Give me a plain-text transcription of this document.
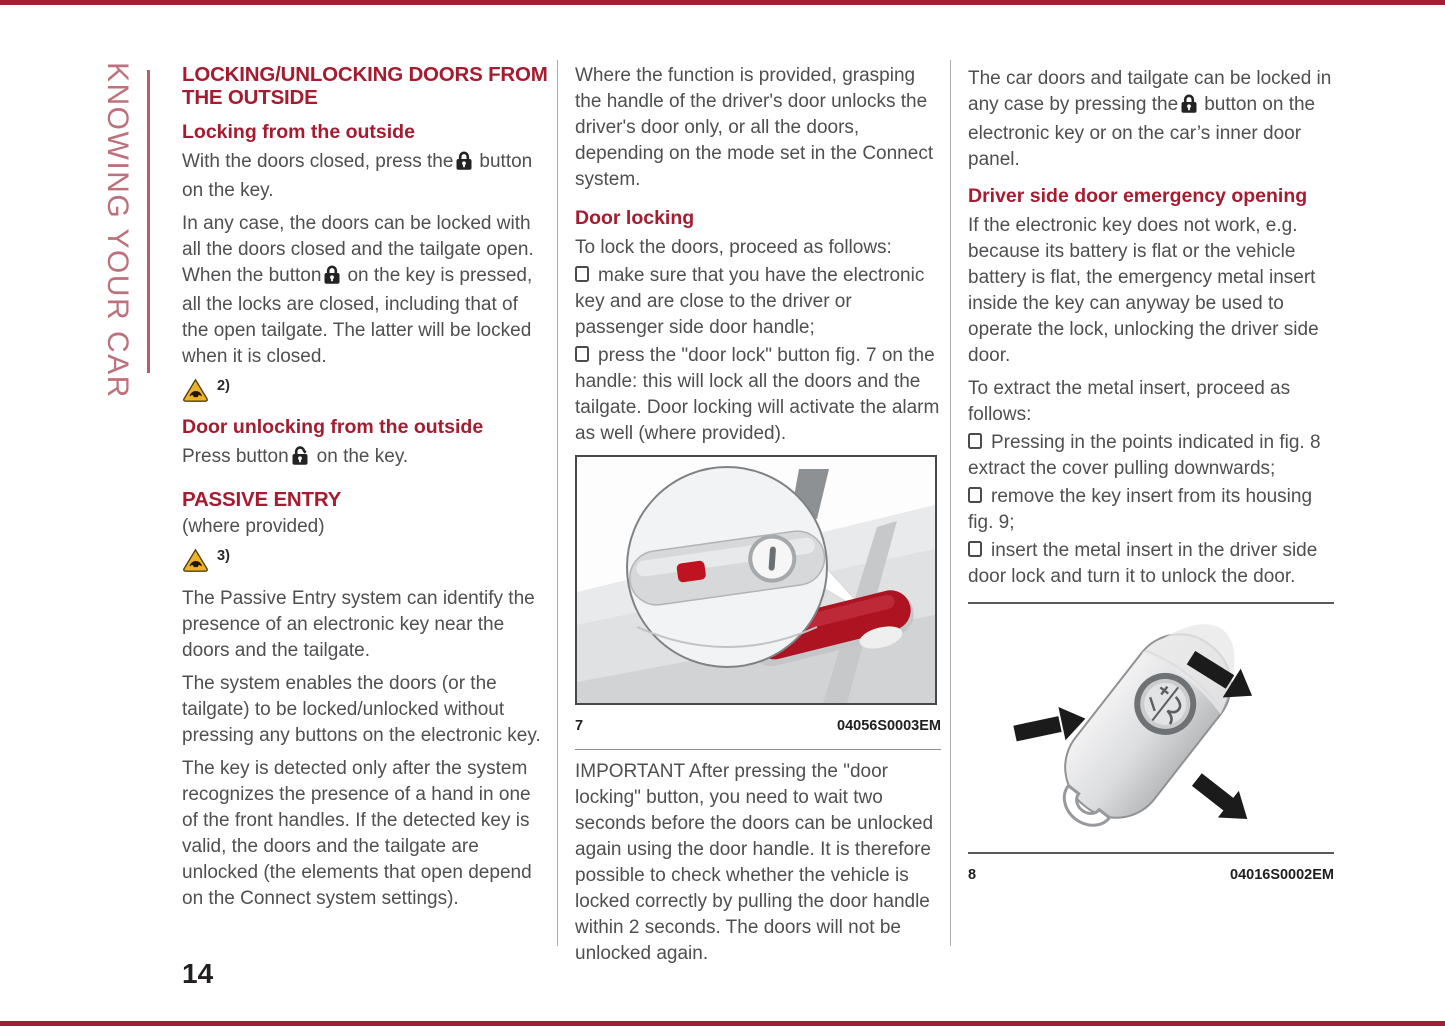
KNOWING YOUR CAR LOCKING/UNLOCKING DOORS FROM THE OUTSIDE
Locking from the outside

With the doors closed, press the button on the key.

In any case, the doors can be locked with all the doors closed and the tailgate open. When the button on the key is pressed, all the locks are closed, including that of the open tailgate. The latter will be locked when it is closed.

2)
Door unlocking from the outside

Press button on the key.

PASSIVE ENTRY

(where provided)

3)

The Passive Entry system can identify the presence of an electronic key near the doors and the tailgate.

The system enables the doors (or the tailgate) to be locked/unlocked without pressing any buttons on the electronic key.

The key is detected only after the system recognizes the presence of a hand in one of the front handles. If the detected key is valid, the doors and the tailgate are unlocked (the elements that open depend on the Connect system settings).

Where the function is provided, grasping the handle of the driver's door unlocks the driver's door only, or all the doors, depending on the mode set in the Connect system.

Door locking

To lock the doors, proceed as follows:

make sure that you have the electronic key and are close to the driver or passenger side door handle;

press the "door lock" button fig. 7 on the handle: this will lock all the doors and the tailgate. Door locking will activate the alarm as well (where provided).

7	04056S0003EM

IMPORTANT After pressing the "door locking" button, you need to wait two seconds before the doors can be unlocked again using the door handle. It is therefore possible to check whether the vehicle is locked correctly by pulling the door handle within 2 seconds. The doors will not be unlocked again.

The car doors and tailgate can be locked in any case by pressing the button on the electronic key or on the car’s inner door panel.

Driver side door emergency opening

If the electronic key does not work, e.g. because its battery is flat or the vehicle battery is flat, the emergency metal insert inside the key can anyway be used to operate the lock, unlocking the driver side door.

To extract the metal insert, proceed as follows:

Pressing in the points indicated in fig. 8 extract the cover pulling downwards;

remove the key insert from its housing fig. 9;

insert the metal insert in the driver side door lock and turn it to unlock the door.

8	04016S0002EM
14
